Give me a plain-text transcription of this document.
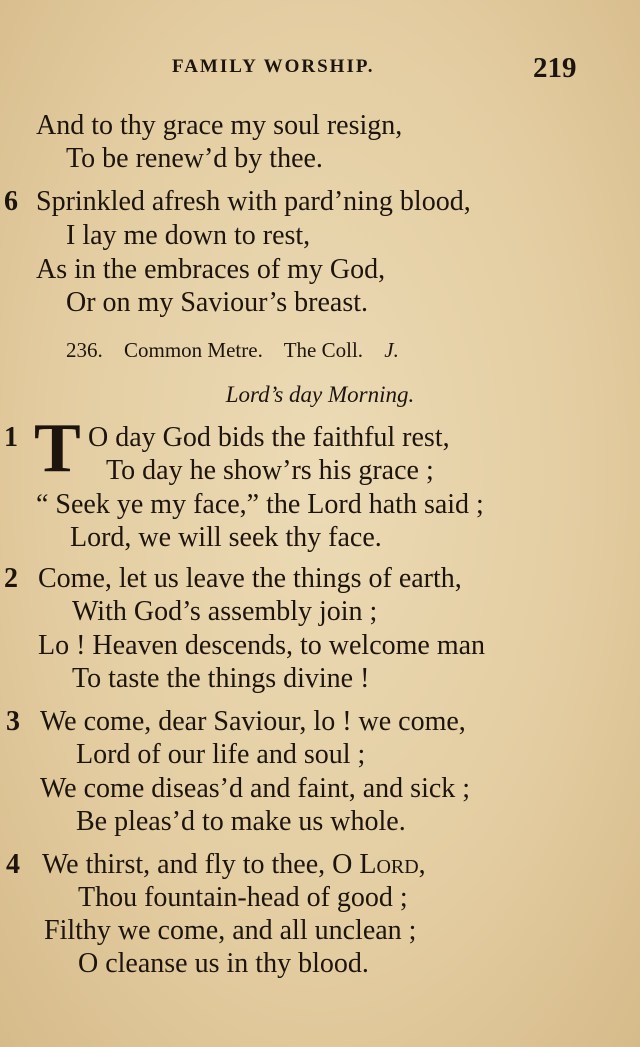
FAMILY WORSHIP.	219
And to thy grace my soul resign,
To be renew’d by thee.
6 Sprinkled afresh with pard’ning blood,
I lay me down to rest,
As in the embraces of my God,
Or on my Saviour’s breast.
236. Common Metre. The Coll. J.
Lord’s day Morning.
1 T O day God bids the faithful rest,
To day he show’rs his grace ;
“ Seek ye my face,” the Lord hath said ;
Lord, we will seek thy face.
2 Come, let us leave the things of earth,
With God’s assembly join ;
Lo ! Heaven descends, to welcome man
To taste the things divine !
3 We come, dear Saviour, lo ! we come,
Lord of our life and soul ;
We come diseas’d and faint, and sick ;
Be pleas’d to make us whole.
4 We thirst, and fly to thee, O Lord,
Thou fountain-head of good ;
Filthy we come, and all unclean ;
O cleanse us in thy blood.
